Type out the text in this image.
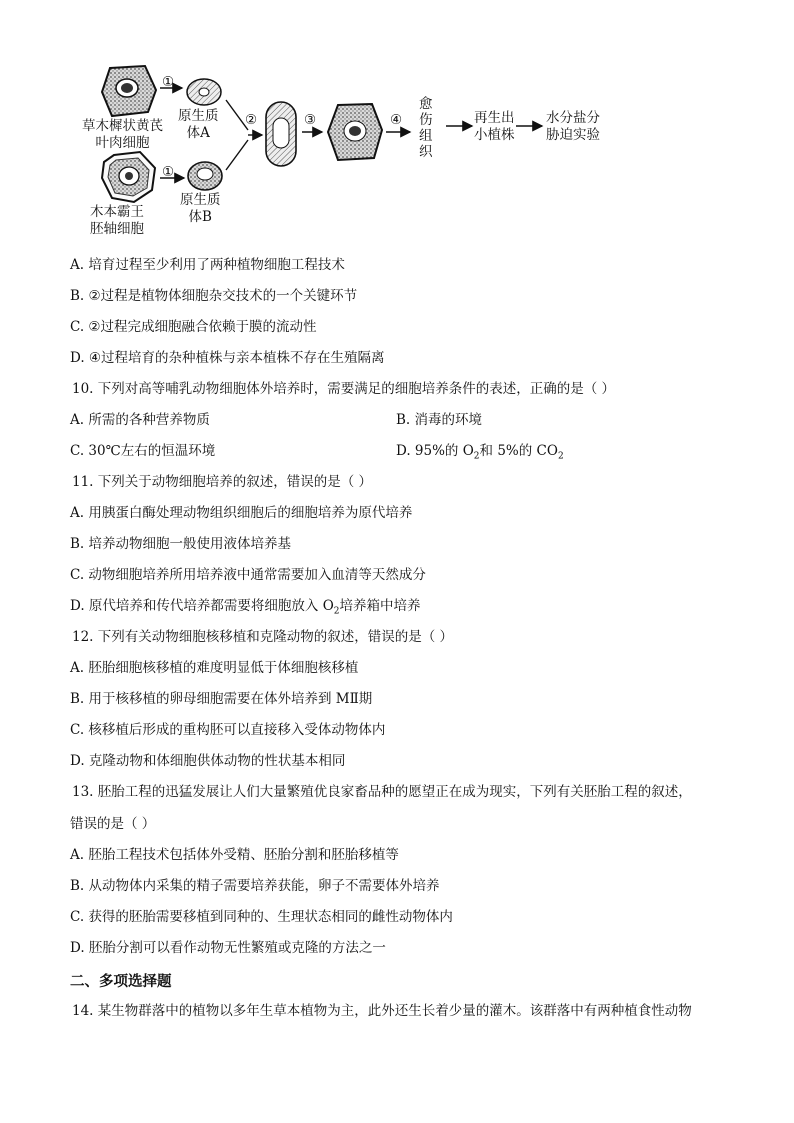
①
①
②	③	④
草木樨状黄芪
叶肉细胞
原生质
体A
木本霸王
胚轴细胞
原生质
体B
愈
伤
组
织
再生出
小植株
水分盐分
胁迫实验
A. 培育过程至少利用了两种植物细胞工程技术
B. ②过程是植物体细胞杂交技术的一个关键环节
C. ②过程完成细胞融合依赖于膜的流动性
D. ④过程培育的杂种植株与亲本植株不存在生殖隔离
10. 下列对高等哺乳动物细胞体外培养时，需要满足的细胞培养条件的表述，正确的是（ ）
A. 所需的各种营养物质	B. 消毒的环境
C. 30℃左右的恒温环境	D. 95%的 $O_2$和 5%的 $CO_2$
11. 下列关于动物细胞培养的叙述，错误的是（ ）
A. 用胰蛋白酶处理动物组织细胞后的细胞培养为原代培养
B. 培养动物细胞一般使用液体培养基
C. 动物细胞培养所用培养液中通常需要加入血清等天然成分
D. 原代培养和传代培养都需要将细胞放入 $O_2$培养箱中培养
12. 下列有关动物细胞核移植和克隆动物的叙述，错误的是（ ）
A. 胚胎细胞核移植的难度明显低于体细胞核移植
B. 用于核移植的卵母细胞需要在体外培养到 MⅡ期
C. 核移植后形成的重构胚可以直接移入受体动物体内
D. 克隆动物和体细胞供体动物的性状基本相同
13. 胚胎工程的迅猛发展让人们大量繁殖优良家畜品种的愿望正在成为现实，下列有关胚胎工程的叙述，
错误的是（ ）
A. 胚胎工程技术包括体外受精、胚胎分割和胚胎移植等
B. 从动物体内采集的精子需要培养获能，卵子不需要体外培养
C. 获得的胚胎需要移植到同种的、生理状态相同的雌性动物体内
D. 胚胎分割可以看作动物无性繁殖或克隆的方法之一
二、多项选择题
14. 某生物群落中的植物以多年生草本植物为主，此外还生长着少量的灌木。该群落中有两种植食性动物
